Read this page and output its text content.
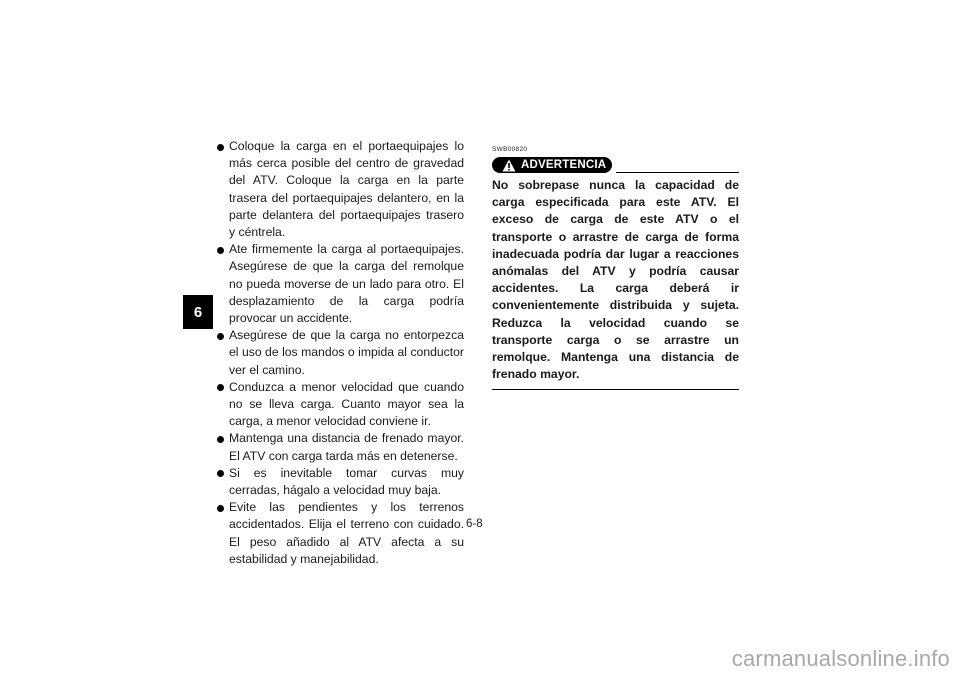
6
Coloque la carga en el portaequipajes lo más cerca posible del centro de gravedad del ATV. Coloque la carga en la parte trasera del portaequipajes delantero, en la parte delantera del portaequipajes trasero y céntrela.
Ate firmemente la carga al portaequipajes. Asegúrese de que la carga del remolque no pueda moverse de un lado para otro. El desplazamiento de la carga podría provocar un accidente.
Asegúrese de que la carga no entorpezca el uso de los mandos o impida al conductor ver el camino.
Conduzca a menor velocidad que cuando no se lleva carga. Cuanto mayor sea la carga, a menor velocidad conviene ir.
Mantenga una distancia de frenado mayor. El ATV con carga tarda más en detenerse.
Si es inevitable tomar curvas muy cerradas, hágalo a velocidad muy baja.
Evite las pendientes y los terrenos accidentados. Elija el terreno con cuidado. El peso añadido al ATV afecta a su estabilidad y manejabilidad.
SWB00820
ADVERTENCIA
No sobrepase nunca la capacidad de carga especificada para este ATV. El exceso de carga de este ATV o el transporte o arrastre de carga de forma inadecuada podría dar lugar a reacciones anómalas del ATV y podría causar accidentes. La carga deberá ir convenientemente distribuida y sujeta. Reduzca la velocidad cuando se transporte carga o se arrastre un remolque. Mantenga una distancia de frenado mayor.
6-8
carmanualsonline.info
